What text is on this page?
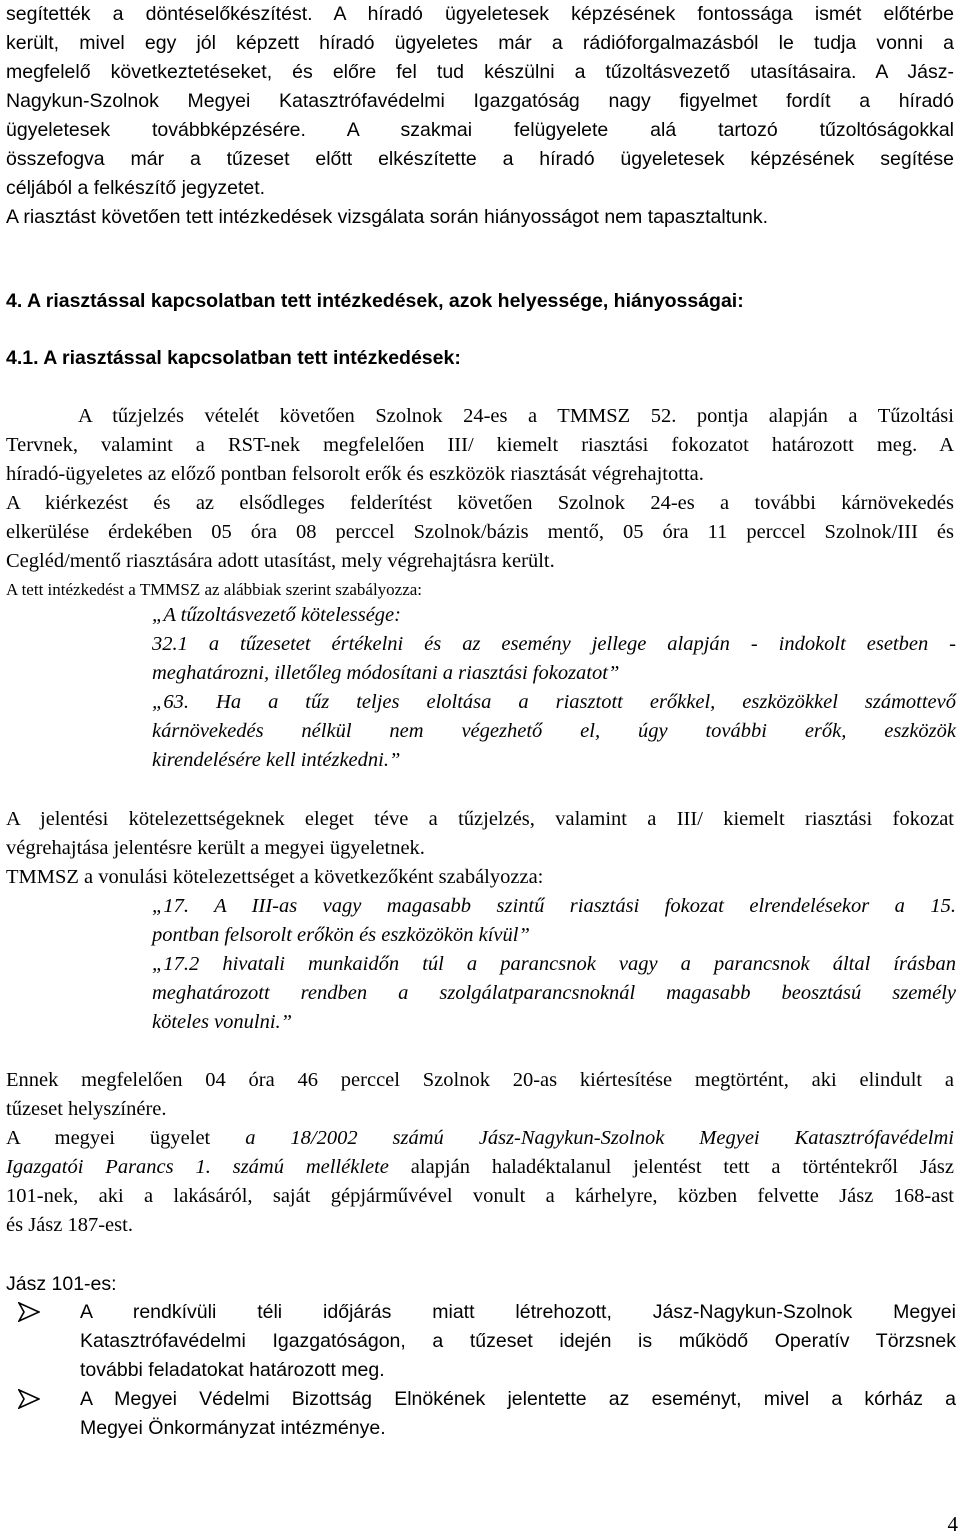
segítették a döntéselőkészítést. A híradó ügyeletesek képzésének fontossága ismét előtérbe

került, mivel egy jól képzett híradó ügyeletes már a rádióforgalmazásból le tudja vonni a

megfelelő következtetéseket, és előre fel tud készülni a tűzoltásvezető utasításaira. A Jász-

Nagykun-Szolnok Megyei Katasztrófavédelmi Igazgatóság nagy figyelmet fordít a híradó

ügyeletesek továbbképzésére. A szakmai felügyelete alá tartozó tűzoltóságokkal

összefogva már a tűzeset előtt elkészítette a híradó ügyeletesek képzésének segítése

céljából a felkészítő jegyzetet.

A riasztást követően tett intézkedések vizsgálata során hiányosságot nem tapasztaltunk.

4. A riasztással kapcsolatban tett intézkedések, azok helyessége, hiányosságai:

4.1. A riasztással kapcsolatban tett intézkedések:

A tűzjelzés vételét követően Szolnok 24-es a TMMSZ 52. pontja alapján a Tűzoltási

Tervnek, valamint a RST-nek megfelelően III/ kiemelt riasztási fokozatot határozott meg. A

híradó-ügyeletes az előző pontban felsorolt erők és eszközök riasztását végrehajtotta.

A kiérkezést és az elsődleges felderítést követően Szolnok 24-es a további kárnövekedés

elkerülése érdekében 05 óra 08 perccel Szolnok/bázis mentő, 05 óra 11 perccel Szolnok/III és

Cegléd/mentő riasztására adott utasítást, mely végrehajtásra került.

A tett intézkedést a TMMSZ az alábbiak szerint szabályozza:

„A tűzoltásvezető kötelessége:

32.1 a tűzesetet értékelni és az esemény jellege alapján - indokolt esetben -

meghatározni, illetőleg módosítani a riasztási fokozatot”

„63. Ha a tűz teljes eloltása a riasztott erőkkel, eszközökkel számottevő

kárnövekedés nélkül nem végezhető el, úgy további erők, eszközök

kirendelésére kell intézkedni.”

A jelentési kötelezettségeknek eleget téve a tűzjelzés, valamint a III/ kiemelt riasztási fokozat

végrehajtása jelentésre került a megyei ügyeletnek.

TMMSZ a vonulási kötelezettséget a következőként szabályozza:

„17. A III-as vagy magasabb szintű riasztási fokozat elrendelésekor a 15.

pontban felsorolt erőkön és eszközökön kívül”

„17.2 hivatali munkaidőn túl a parancsnok vagy a parancsnok által írásban

meghatározott rendben a szolgálatparancsnoknál magasabb beosztású személy

köteles vonulni.”

Ennek megfelelően 04 óra 46 perccel Szolnok 20-as kiértesítése megtörtént, aki elindult a

tűzeset helyszínére.

A megyei ügyelet a 18/2002 számú Jász-Nagykun-Szolnok Megyei Katasztrófavédelmi

Igazgatói Parancs 1. számú melléklete alapján haladéktalanul jelentést tett a történtekről Jász

101-nek, aki a lakásáról, saját gépjárművével vonult a kárhelyre, közben felvette Jász 168-ast

és Jász 187-est.

Jász 101-es:

A rendkívüli téli időjárás miatt létrehozott, Jász-Nagykun-Szolnok Megyei

Katasztrófavédelmi Igazgatóságon, a tűzeset idején is működő Operatív Törzsnek

további feladatokat határozott meg.

A Megyei Védelmi Bizottság Elnökének jelentette az eseményt, mivel a kórház a

Megyei Önkormányzat intézménye.

4
